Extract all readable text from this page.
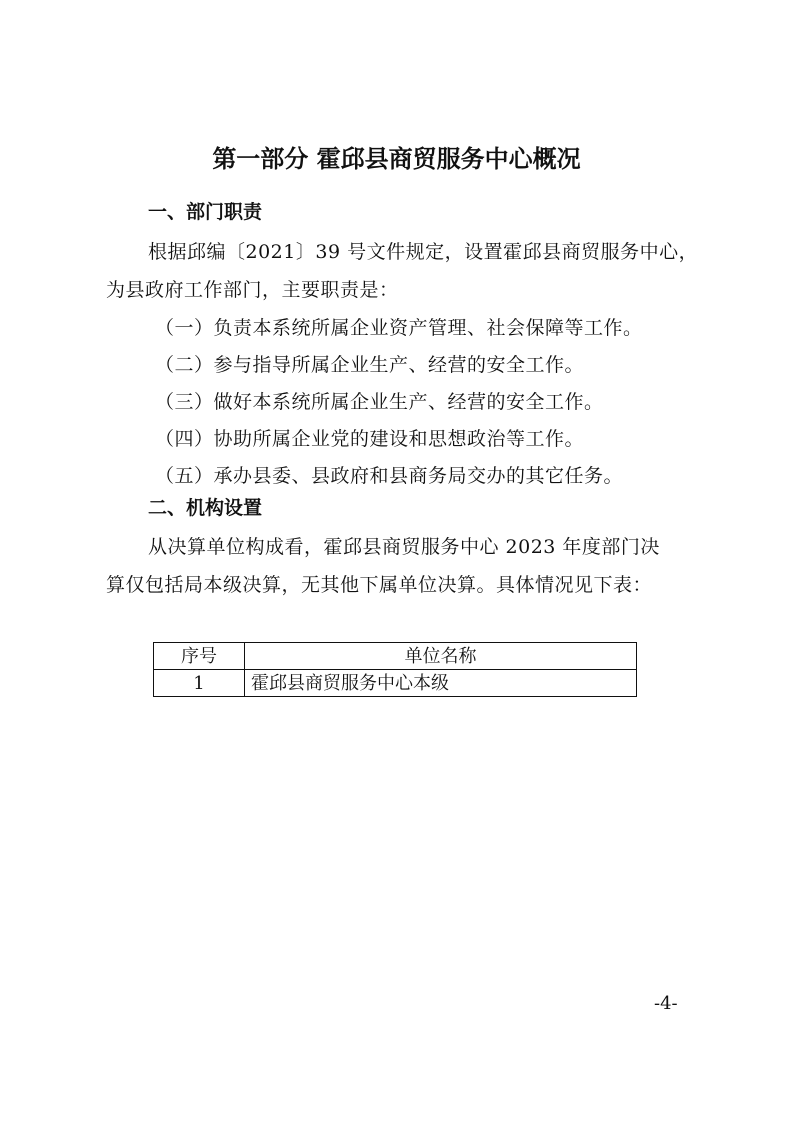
第一部分 霍邱县商贸服务中心概况
一、部门职责
根据邱编〔2021〕39 号文件规定，设置霍邱县商贸服务中心，
为县政府工作部门，主要职责是：
（一）负责本系统所属企业资产管理、社会保障等工作。
（二）参与指导所属企业生产、经营的安全工作。
（三）做好本系统所属企业生产、经营的安全工作。
（四）协助所属企业党的建设和思想政治等工作。
（五）承办县委、县政府和县商务局交办的其它任务。
二、机构设置
从决算单位构成看，霍邱县商贸服务中心 2023 年度部门决
算仅包括局本级决算，无其他下属单位决算。具体情况见下表：
序号	单位名称
1	霍邱县商贸服务中心本级
-4-
